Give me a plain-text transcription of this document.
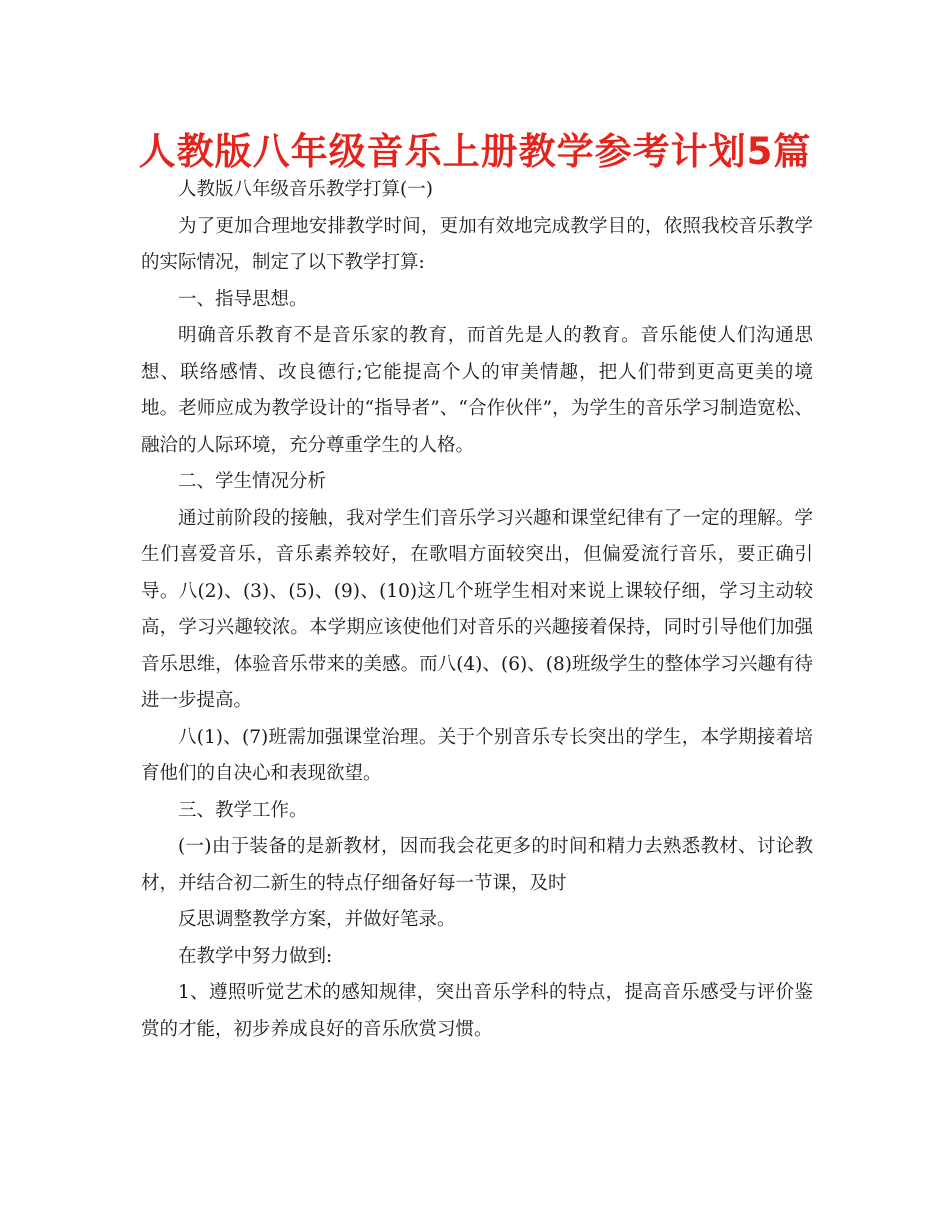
人教版八年级音乐上册教学参考计划5篇

人教版八年级音乐教学打算(一)

为了更加合理地安排教学时间，更加有效地完成教学目的，依照我校音乐教学的实际情况，制定了以下教学打算:

一、指导思想。

明确音乐教育不是音乐家的教育，而首先是人的教育。音乐能使人们沟通思想、联络感情、改良德行;它能提高个人的审美情趣，把人们带到更高更美的境地。老师应成为教学设计的“指导者”、“合作伙伴”，为学生的音乐学习制造宽松、融洽的人际环境，充分尊重学生的人格。

二、学生情况分析

通过前阶段的接触，我对学生们音乐学习兴趣和课堂纪律有了一定的理解。学生们喜爱音乐，音乐素养较好，在歌唱方面较突出，但偏爱流行音乐，要正确引导。八(2)、(3)、(5)、(9)、(10)这几个班学生相对来说上课较仔细，学习主动较高，学习兴趣较浓。本学期应该使他们对音乐的兴趣接着保持，同时引导他们加强音乐思维，体验音乐带来的美感。而八(4)、(6)、(8)班级学生的整体学习兴趣有待进一步提高。

八(1)、(7)班需加强课堂治理。关于个别音乐专长突出的学生，本学期接着培育他们的自决心和表现欲望。

三、教学工作。

(一)由于装备的是新教材，因而我会花更多的时间和精力去熟悉教材、讨论教材，并结合初二新生的特点仔细备好每一节课，及时

反思调整教学方案，并做好笔录。

在教学中努力做到:

1、遵照听觉艺术的感知规律，突出音乐学科的特点，提高音乐感受与评价鉴赏的才能，初步养成良好的音乐欣赏习惯。
